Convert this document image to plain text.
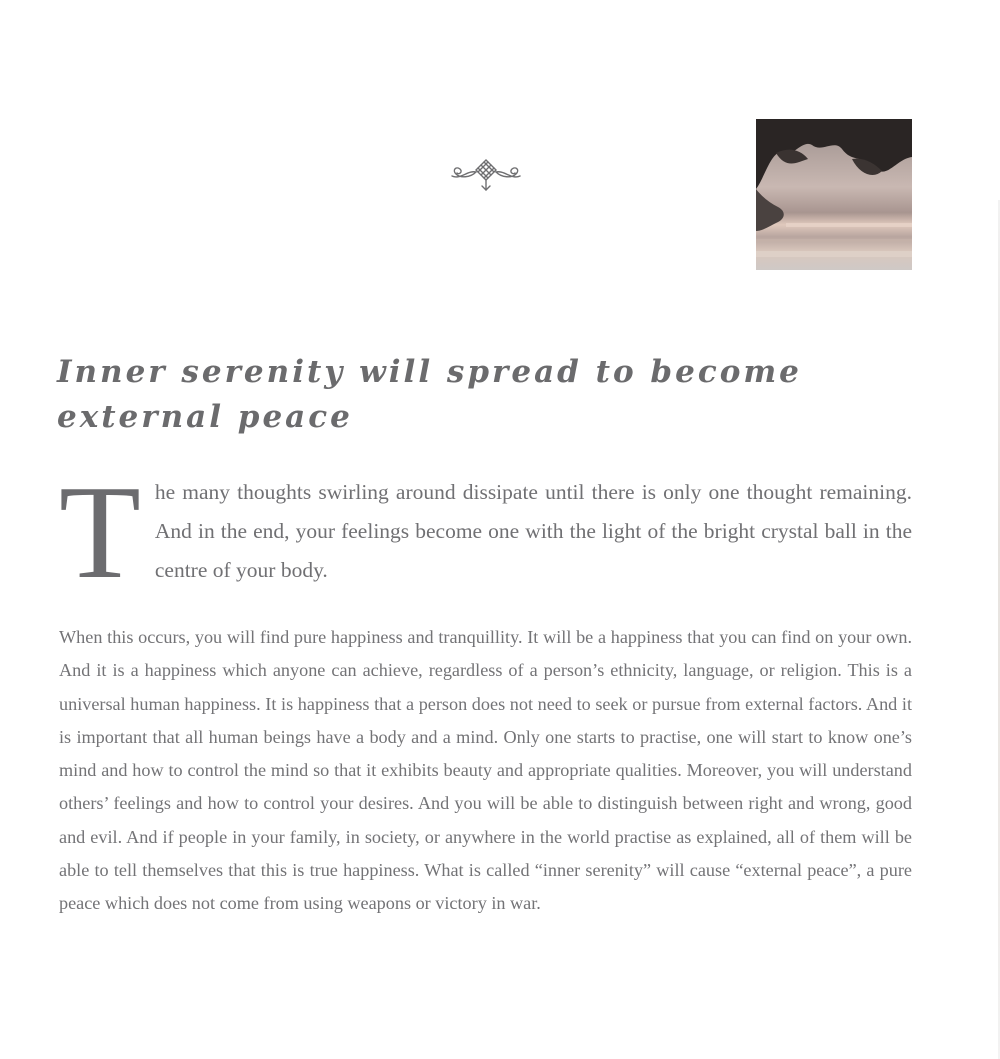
Inner serenity will spread to become external peace
The many thoughts swirling around dissipate until there is only one thought remaining. And in the end, your feelings become one with the light of the bright crystal ball in the centre of your body.

When this occurs, you will find pure happiness and tranquillity. It will be a happiness that you can find on your own. And it is a happiness which anyone can achieve, regardless of a person’s ethnicity, language, or religion. This is a universal human happiness. It is happiness that a person does not need to seek or pursue from external factors. And it is important that all human beings have a body and a mind. Only one starts to practise, one will start to know one’s mind and how to control the mind so that it exhibits beauty and appropriate qualities. Moreover, you will understand others’ feelings and how to control your desires. And you will be able to distinguish between right and wrong, good and evil. And if people in your family, in society, or anywhere in the world practise as explained, all of them will be able to tell themselves that this is true happiness. What is called “inner serenity” will cause “external peace”, a pure peace which does not come from using weapons or victory in war.
